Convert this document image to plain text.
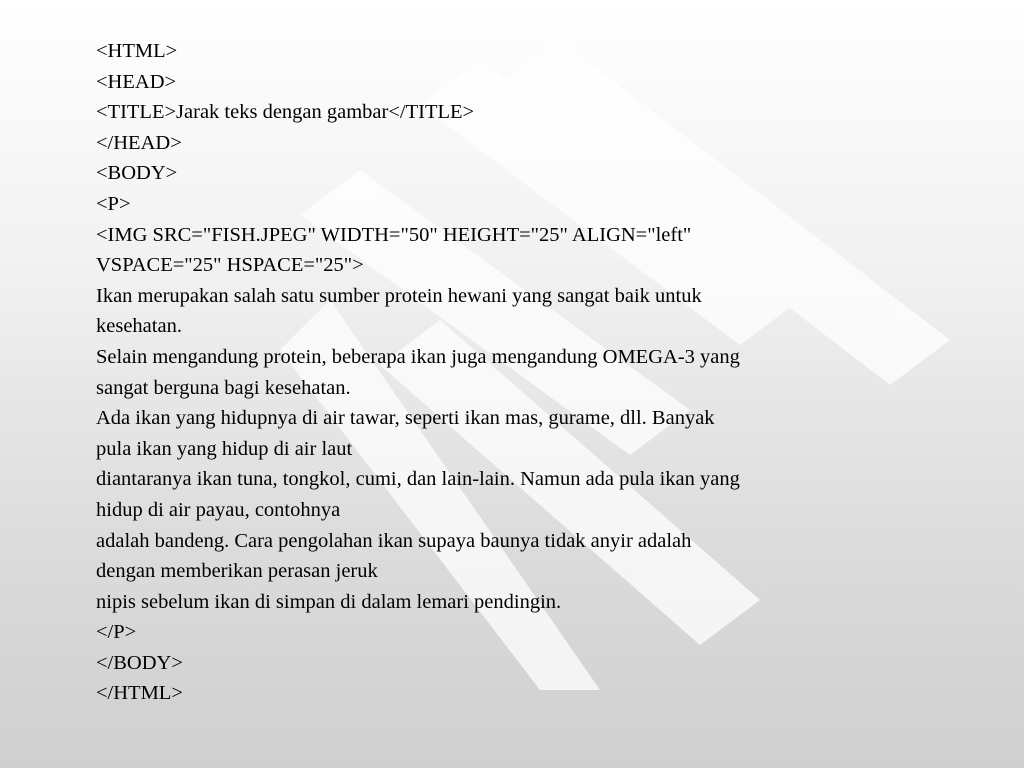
<HTML>
<HEAD>
<TITLE>Jarak teks dengan gambar</TITLE>
</HEAD>
<BODY>
<P>
<IMG SRC="FISH.JPEG" WIDTH="50" HEIGHT="25" ALIGN="left"
VSPACE="25" HSPACE="25">
Ikan merupakan salah satu sumber protein hewani yang sangat baik untuk
kesehatan.
Selain mengandung protein, beberapa ikan juga mengandung OMEGA-3 yang
sangat berguna bagi kesehatan.
Ada ikan yang hidupnya di air tawar, seperti ikan mas, gurame, dll. Banyak
pula ikan yang hidup di air laut
diantaranya ikan tuna, tongkol, cumi, dan lain-lain. Namun ada pula ikan yang
hidup di air payau, contohnya
adalah bandeng. Cara pengolahan ikan supaya baunya tidak anyir adalah
dengan memberikan perasan jeruk
nipis sebelum ikan di simpan di dalam lemari pendingin.
</P>
</BODY>
</HTML>
